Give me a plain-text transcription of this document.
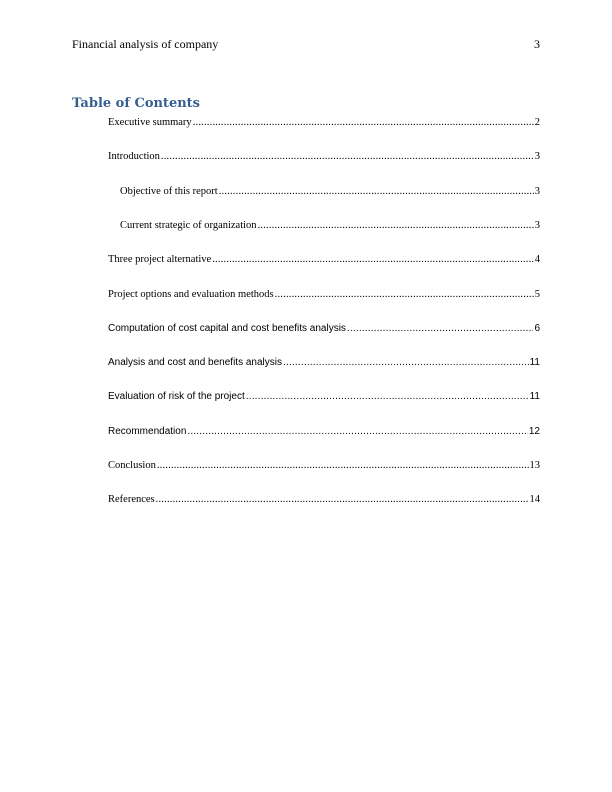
Financial analysis of company	3
Table of Contents
Executive summary .....	2
Introduction .....	3
Objective of this report .....	3
Current strategic of organization .....	3
Three project alternative .....	4
Project options and evaluation methods .....	5
Computation of cost capital and cost benefits analysis .....	6
Analysis and cost and benefits analysis .....	11
Evaluation of risk of the project .....	11
Recommendation .....	12
Conclusion .....	13
References .....	14
